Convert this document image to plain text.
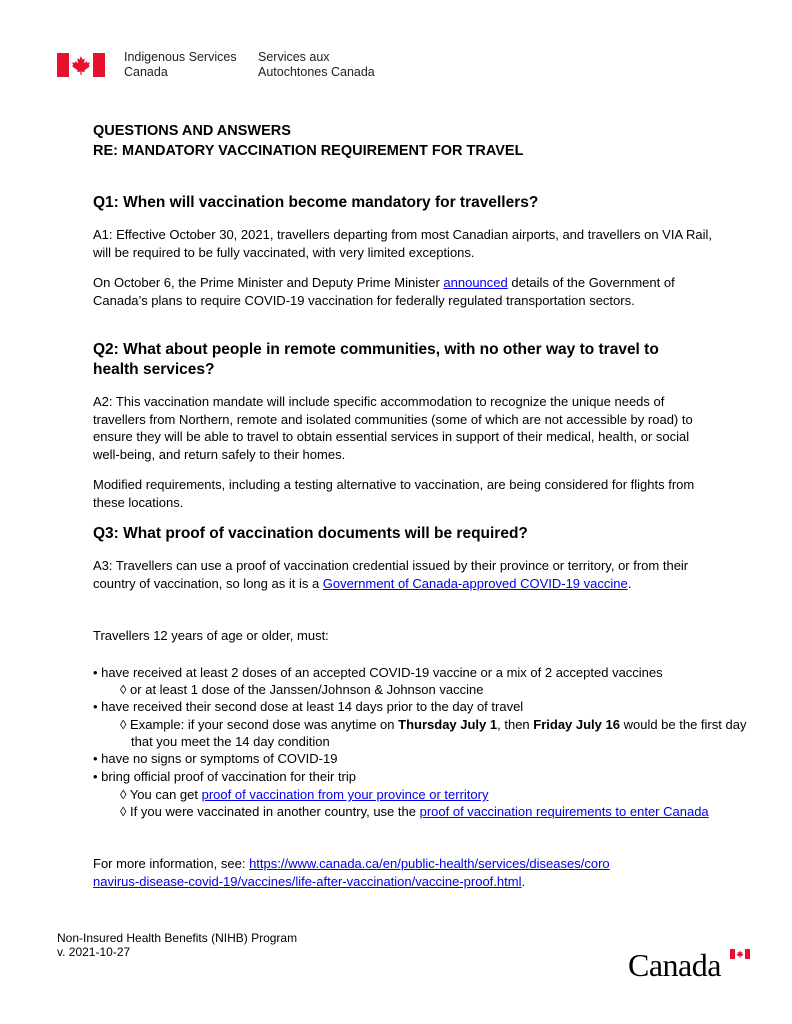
Indigenous Services
Canada
Services aux
Autochtones Canada
QUESTIONS AND ANSWERS
RE: MANDATORY VACCINATION REQUIREMENT FOR TRAVEL
Q1: When will vaccination become mandatory for travellers?
A1: Effective October 30, 2021, travellers departing from most Canadian airports, and travellers on VIA Rail, will be required to be fully vaccinated, with very limited exceptions.
On October 6, the Prime Minister and Deputy Prime Minister announced details of the Government of Canada’s plans to require COVID-19 vaccination for federally regulated transportation sectors.
Q2: What about people in remote communities, with no other way to travel to health services?
A2: This vaccination mandate will include specific accommodation to recognize the unique needs of travellers from Northern, remote and isolated communities (some of which are not accessible by road) to ensure they will be able to travel to obtain essential services in support of their medical, health, or social well-being, and return safely to their homes.
Modified requirements, including a testing alternative to vaccination, are being considered for flights from these locations.
Q3: What proof of vaccination documents will be required?
A3: Travellers can use a proof of vaccination credential issued by their province or territory, or from their country of vaccination, so long as it is a Government of Canada-approved COVID-19 vaccine.
Travellers 12 years of age or older, must:
• have received at least 2 doses of an accepted COVID-19 vaccine or a mix of 2 accepted vaccines
◊ or at least 1 dose of the Janssen/Johnson & Johnson vaccine
• have received their second dose at least 14 days prior to the day of travel
◊ Example: if your second dose was anytime on Thursday July 1, then Friday July 16 would be the first day that you meet the 14 day condition
• have no signs or symptoms of COVID-19
• bring official proof of vaccination for their trip
◊ You can get proof of vaccination from your province or territory
◊ If you were vaccinated in another country, use the proof of vaccination requirements to enter Canada
For more information, see: https://www.canada.ca/en/public-health/services/diseases/coronavirus-disease-covid-19/vaccines/life-after-vaccination/vaccine-proof.html.
Non-Insured Health Benefits (NIHB) Program
v. 2021-10-27	Canada
